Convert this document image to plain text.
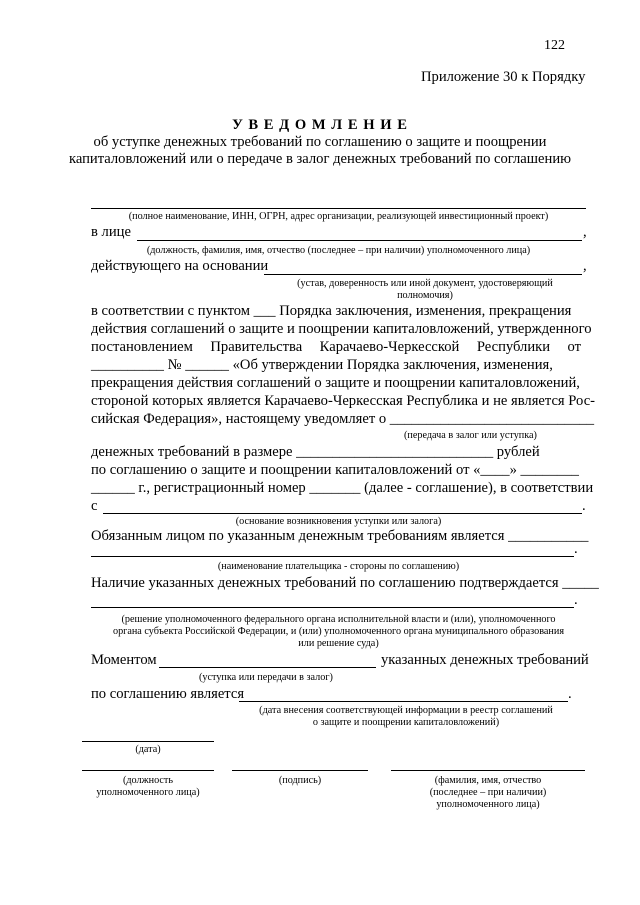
122
Приложение 30 к Порядку
У В Е Д О М Л Е Н И Е
об уступке денежных требований по соглашению о защите и поощрении
капиталовложений или о передаче в залог денежных требований по соглашению
(полное наименование, ИНН, ОГРН, адрес организации, реализующей инвестиционный проект)
в лице	,
(должность, фамилия, имя, отчество (последнее – при наличии) уполномоченного лица)
действующего на основании	,
(устав, доверенность или иной документ, удостоверяющий
полномочия)
в соответствии с пунктом ___ Порядка заключения, изменения, прекращения
действия соглашений о защите и поощрении капиталовложений, утвержденного
постановлением Правительства Карачаево-Черкесской Республики от
__________ № ______ «Об утверждении Порядка заключения, изменения,
прекращения действия соглашений о защите и поощрении капиталовложений,
стороной которых является Карачаево-Черкесская Республика и не является Рос-
сийская Федерация», настоящему уведомляет о ____________________________
(передача в залог или уступка)
денежных требований в размере ___________________________ рублей
по соглашению о защите и поощрении капиталовложений от «____» ________
______ г., регистрационный номер _______ (далее - соглашение), в соответствии
с	.
(основание возникновения уступки или залога)
Обязанным лицом по указанным денежным требованиям является ___________
.
(наименование плательщика - стороны по соглашению)
Наличие указанных денежных требований по соглашению подтверждается _____
.
(решение уполномоченного федерального органа исполнительной власти и (или), уполномоченного
органа субъекта Российской Федерации, и (или) уполномоченного органа муниципального образования
или решение суда)
Моментом	указанных денежных требований
(уступка или передачи в залог)
по соглашению является	.
(дата внесения соответствующей информации в реестр соглашений
о защите и поощрении капиталовложений)
(дата)
(должность
уполномоченного лица)
(подпись)	(фамилия, имя, отчество
(последнее – при наличии)
уполномоченного лица)
